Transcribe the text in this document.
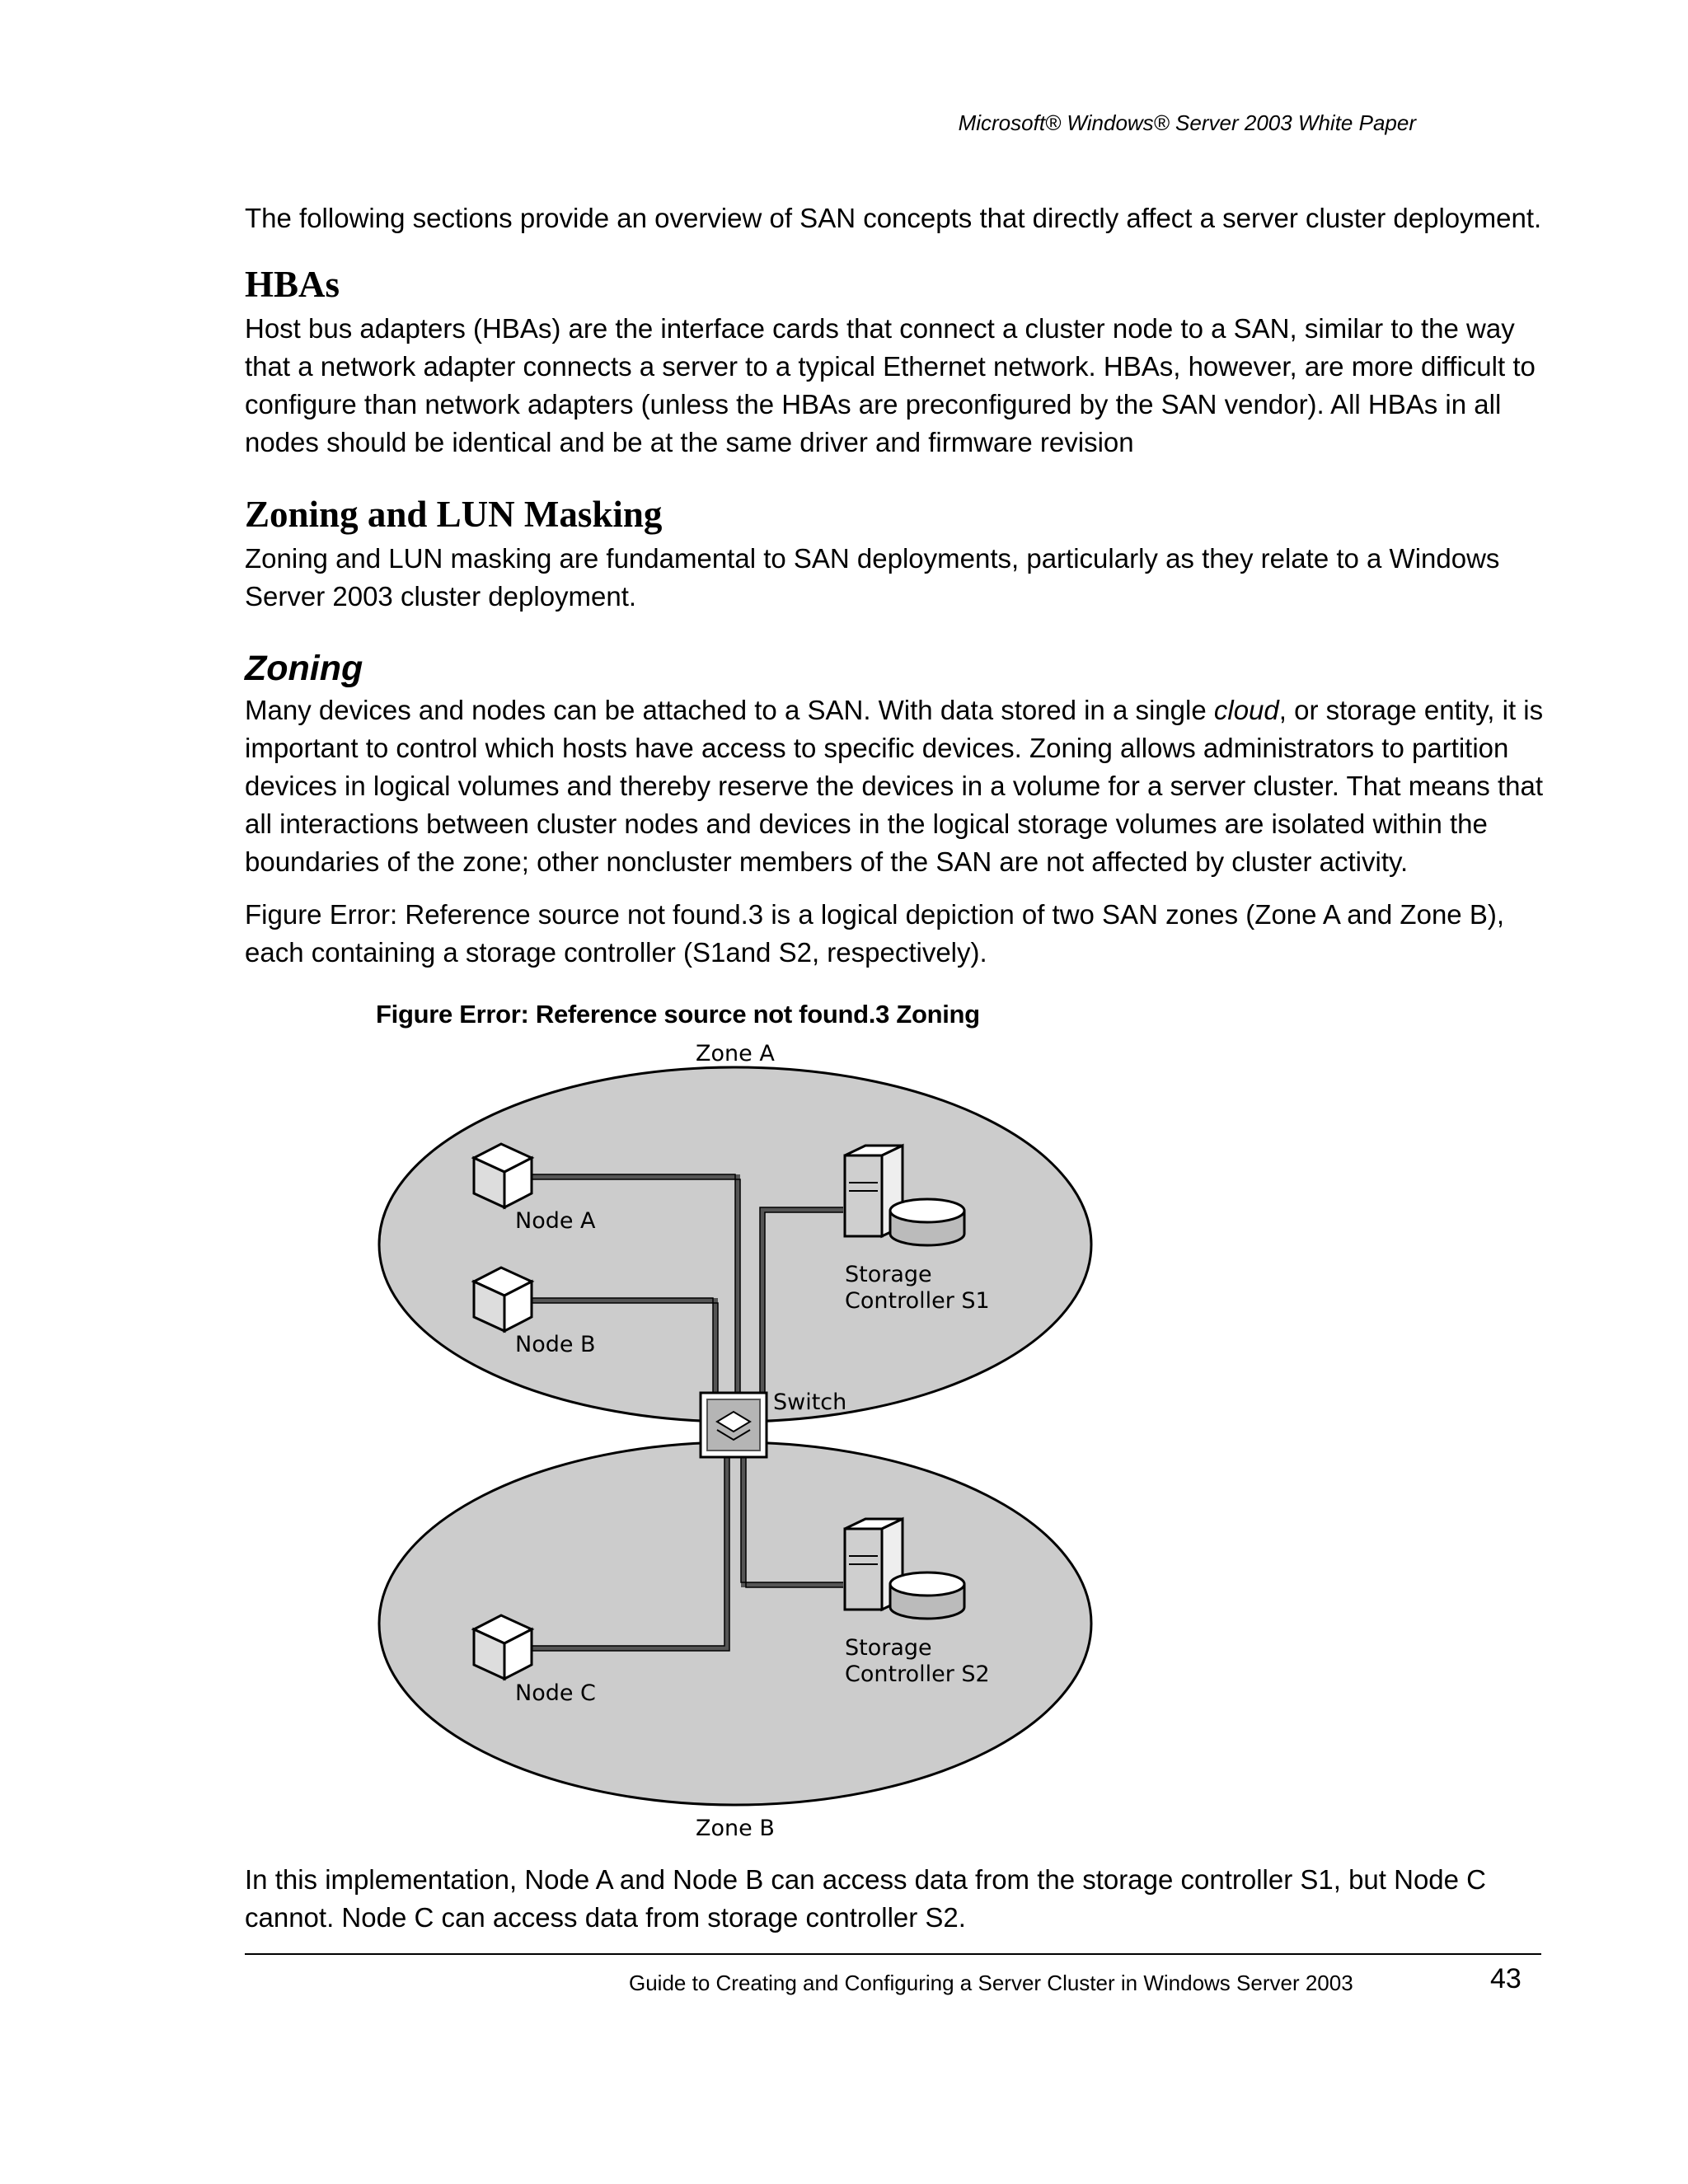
Microsoft® Windows® Server 2003 White Paper

The following sections provide an overview of SAN concepts that directly affect a server cluster deployment.

HBAs

Host bus adapters (HBAs) are the interface cards that connect a cluster node to a SAN, similar to the way that a network adapter connects a server to a typical Ethernet network. HBAs, however, are more difficult to configure than network adapters (unless the HBAs are preconfigured by the SAN vendor). All HBAs in all nodes should be identical and be at the same driver and firmware revision

Zoning and LUN Masking

Zoning and LUN masking are fundamental to SAN deployments, particularly as they relate to a Windows Server 2003 cluster deployment.

Zoning

Many devices and nodes can be attached to a SAN. With data stored in a single cloud, or storage entity, it is important to control which hosts have access to specific devices. Zoning allows administrators to partition devices in logical volumes and thereby reserve the devices in a volume for a server cluster. That means that all interactions between cluster nodes and devices in the logical storage volumes are isolated within the boundaries of the zone; other noncluster members of the SAN are not affected by cluster activity.

Figure Error: Reference source not found.3 is a logical depiction of two SAN zones (Zone A and Zone B), each containing a storage controller (S1and S2, respectively).

Figure Error: Reference source not found.3 Zoning
Zone A
Zone B
Node A
Node B
Node C
Switch
Storage
Controller S1
Storage
Controller S2

In this implementation, Node A and Node B can access data from the storage controller S1, but Node C cannot. Node C can access data from storage controller S2.

Guide to Creating and Configuring a Server Cluster in Windows Server 2003	43
